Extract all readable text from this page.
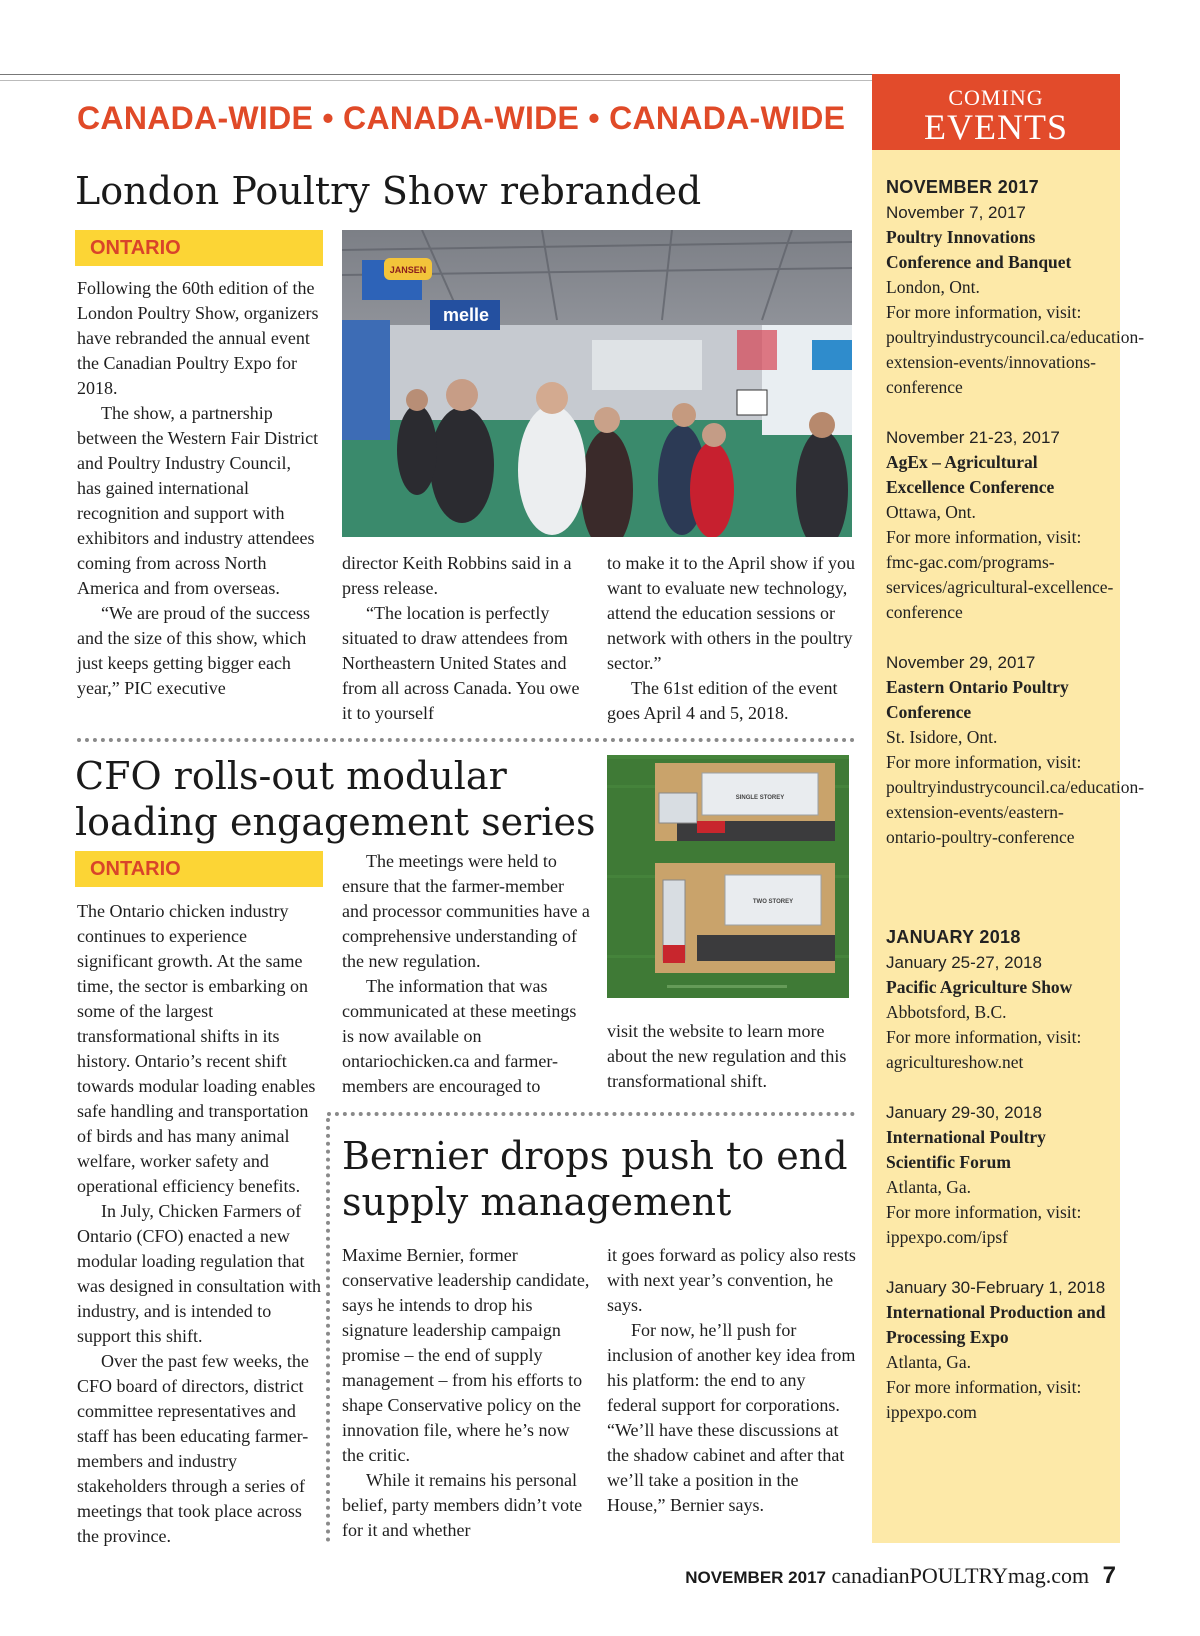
CANADA-WIDE • CANADA-WIDE • CANADA-WIDE
London Poultry Show rebranded
ONTARIO

Following the 60th edition of the London Poultry Show, organizers have rebranded the annual event the Canadian Poultry Expo for 2018.

The show, a partnership between the Western Fair District and Poultry Industry Council, has gained international recognition and support with exhibitors and industry attendees coming from across North America and from overseas.

“We are proud of the success and the size of this show, which just keeps getting bigger each year,” PIC executive

JANSEN
melle

director Keith Robbins said in a press release.

“The location is perfectly situated to draw attendees from Northeastern United States and from all across Canada. You owe it to yourself

to make it to the April show if you want to evaluate new technology, attend the education sessions or network with others in the poultry sector.”

The 61st edition of the event goes April 4 and 5, 2018.

CFO rolls-out modular
loading engagement series
ONTARIO

The Ontario chicken industry continues to experience significant growth. At the same time, the sector is embarking on some of the largest transformational shifts in its history. Ontario’s recent shift towards modular loading enables safe handling and transportation of birds and has many animal welfare, worker safety and operational efficiency benefits.

In July, Chicken Farmers of Ontario (CFO) enacted a new modular loading regulation that was designed in consultation with industry, and is intended to support this shift.

Over the past few weeks, the CFO board of directors, district committee representatives and staff has been educating farmer-members and industry stakeholders through a series of meetings that took place across the province.

The meetings were held to ensure that the farmer-member and processor communities have a comprehensive understanding of the new regulation.

The information that was communicated at these meetings is now available on ontariochicken.ca and farmer-members are encouraged to

SINGLE STOREY
TWO STOREY

visit the website to learn more about the new regulation and this transformational shift.

Bernier drops push to end
supply management

Maxime Bernier, former conservative leadership candidate, says he intends to drop his signature leadership campaign promise – the end of supply management – from his efforts to shape Conservative policy on the innovation file, where he’s now the critic.

While it remains his personal belief, party members didn’t vote for it and whether

it goes forward as policy also rests with next year’s convention, he says.

For now, he’ll push for inclusion of another key idea from his platform: the end to any federal support for corporations. “We’ll have these discussions at the shadow cabinet and after that we’ll take a position in the House,” Bernier says.

COMING
EVENTS
NOVEMBER 2017
November 7, 2017
Poultry Innovations Conference and Banquet
London, Ont.
For more information, visit: poultryindustrycouncil.ca/education-extension-events/innovations-conference
November 21-23, 2017
AgEx – Agricultural Excellence Conference
Ottawa, Ont.
For more information, visit: fmc-gac.com/programs-services/agricultural-excellence-conference
November 29, 2017
Eastern Ontario Poultry Conference
St. Isidore, Ont.
For more information, visit: poultryindustrycouncil.ca/education-extension-events/eastern-ontario-poultry-conference
JANUARY 2018
January 25-27, 2018
Pacific Agriculture Show
Abbotsford, B.C.
For more information, visit: agricultureshow.net
January 29-30, 2018
International Poultry Scientific Forum
Atlanta, Ga.
For more information, visit: ippexpo.com/ipsf
January 30-February 1, 2018
International Production and Processing Expo
Atlanta, Ga.
For more information, visit: ippexpo.com
NOVEMBER 2017 canadianPOULTRYmag.com 7
